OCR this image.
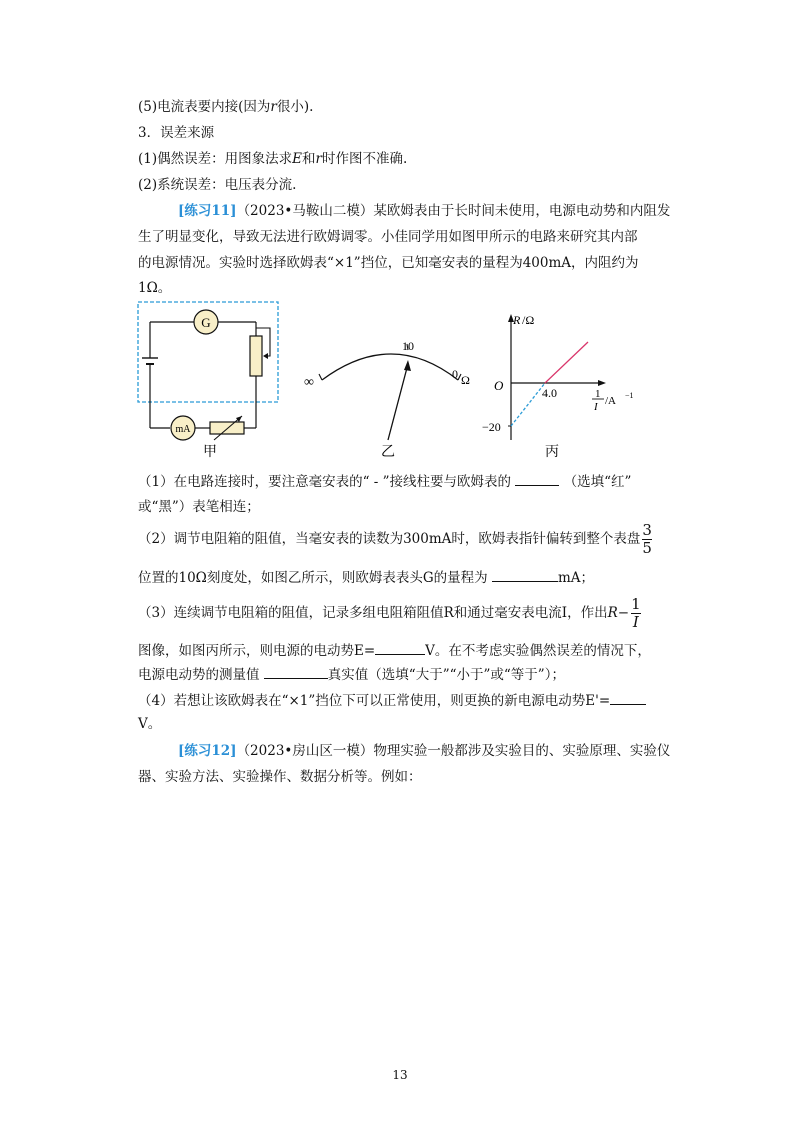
(5)电流表要内接(因为r很小).
3．误差来源
(1)偶然误差：用图象法求E和r时作图不准确.
(2)系统误差：电压表分流.
[练习11]（2023•马鞍山二模）某欧姆表由于长时间未使用，电源电动势和内阻发
生了明显变化，导致无法进行欧姆调零。小佳同学用如图甲所示的电路来研究其内部
的电源情况。实验时选择欧姆表“×1”挡位，已知毫安表的量程为400mA，内阻约为
1Ω。
G
mA
甲
∞
10
0 Ω
乙
R /Ω
O	4.0
−20
1
I /A −1
丙
（1）在电路连接时，要注意毫安表的“ - ”接线柱要与欧姆表的	（选填“红”
或“黑”）表笔相连；
（2）调节电阻箱的阻值，当毫安表的读数为300mA时，欧姆表指针偏转到整个表盘 $\frac{3}{5}$
位置的10Ω刻度处，如图乙所示，则欧姆表表头G的量程为	mA；
（3）连续调节电阻箱的阻值，记录多组电阻箱阻值R和通过毫安表电流I，作出$R- \frac{1}{I}$
图像，如图丙所示，则电源的电动势E=	V。在不考虑实验偶然误差的情况下，
电源电动势的测量值	真实值（选填“大于”“小于”或“等于”）；
（4）若想让该欧姆表在“×1”挡位下可以正常使用，则更换的新电源电动势E'=
V。
[练习12]（2023•房山区一模）物理实验一般都涉及实验目的、实验原理、实验仪
器、实验方法、实验操作、数据分析等。例如：
13
